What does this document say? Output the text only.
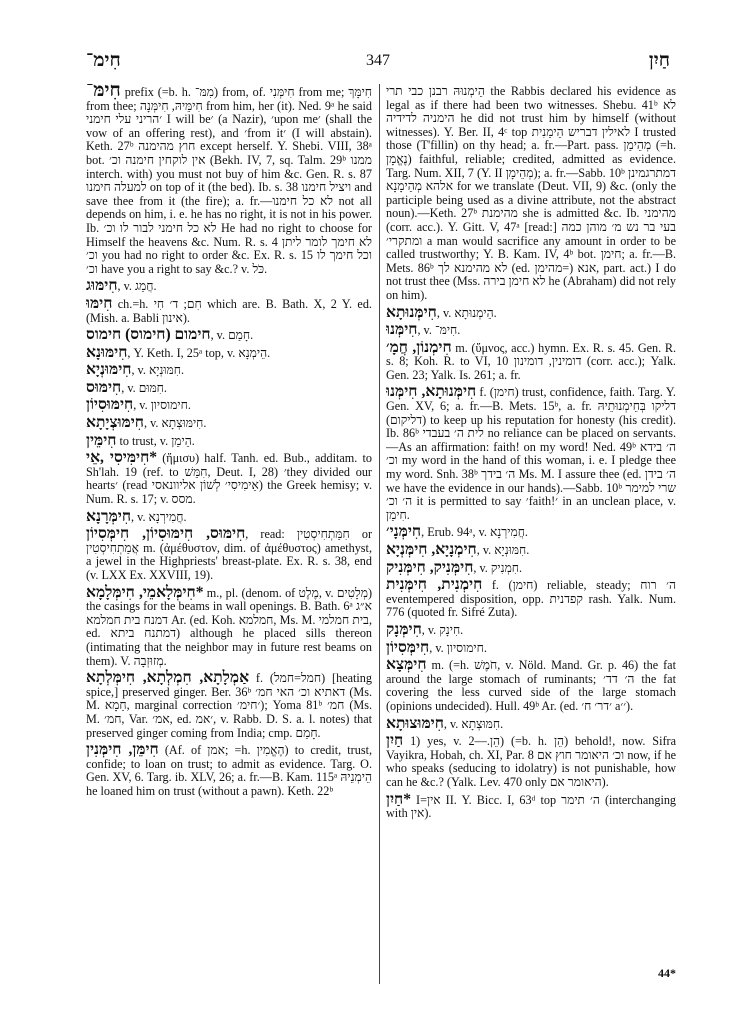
חִימ־	347	חַיִן

חִימּ־ prefix (=b. h. מִמּ־) from, of. חִימְּנִי from me; חִימָּךְ from thee; חִימֵּיהּ, חִימְּנָה from him, her (it). Ned. 9ᵃ he said ׳הריני עלי חימני I will be׳ (a Nazir), ׳upon me׳ (shall the vow of an offering rest), and ׳from it׳ (I will abstain). Keth. 27ᵇ חוץ מהימנה except herself. Y. Shebi. VIII, 38ᵃ bot. אין לוקחין חימנה וכ׳ (Bekh. IV, 7, sq. Talm. 29ᵇ ממנו interch. with) you must not buy of him &c. Gen. R. s. 87 למעלה חימנו on top of it (the bed). Ib. s. 38 ויציל חימנו and save thee from it (the fire); a. fr.—לא כל חימנו not all depends on him, i. e. he has no right, it is not in his power. Ib. לא כל חימני לבור לו וכ׳ He had no right to choose for Himself the heavens &c. Num. R. s. 4 לא חימך לומר ליתן וכ׳ you had no right to order &c. Ex. R. s. 15 וכל חימך לו וכ׳ have you a right to say &c.? v. כֹּל.

חִימּוּג, v. חֲמַג.

חִימּוּ ch.=h. חִם; ד׳ חִי which are. B. Bath. X, 2 Y. ed. (Mish. a. Babli אינון).

חימום (חימוס) חימוס, v. חָמַם.

חִימּוּנָא, Y. Keth. I, 25ᵃ top, v. הֵימְנָא.

חִימּוּנְיָא, v. חִמּוּנְיָא.

חִימּוּס, v. חִמּוּם.

חִימּוּסִיוֹן, v. חימוסיון.

חִימּוּצְיָתָא, v. חִימּוּצְתָא.

חִימֵּין to trust, v. הֵימֵן.

*חִימִּיסִי ,אֵי (ἥμισυ) half. Tanh. ed. Bub., additam. to Sh'lah. 19 (ref. to חִמֵּשׁ, Deut. I, 28) ׳they divided our hearts׳ (read אֵימִיסִי׳ לְשׁוֹן אליוונאסי) the Greek hemisy; v. Num. R. s. 17; v. מסס.

חִימְּרָנָא, v. חֲמִירְנָא.

חִימּוּס, חִימּוּסִיוֹן, חִימְּסִיוֹן, read: חִמַּתְחִיסְטִין or אֲמַתְחִיסְטִין m. (ἀμέθυστον, dim. of ἀμέθυστος) amethyst, a jewel in the Highpriests' breast-plate. Ex. R. s. 38, end (v. LXX Ex. XXVIII, 19).

*חִימְּלָאמֵי, חִימְּלָמָא m., pl. (denom. of מֶלֶט, v. מְלָטִים) the casings for the beams in wall openings. B. Bath. 6ᵃ א״ג דמנח בית חמלמא Ar. (ed. Koh. חמלמא, Ms. M. בית חמלמי, ed. דמתנח ביתא) although he placed sills thereon (intimating that the neighbor may in future rest beams on them). V. מְזוּזְבָה.

אַמְלָתָא, חִמְלְתָא, חִימְּלְתָא f. (חמל=חמל) [heating spice,] preserved ginger. Ber. 36ᵇ דאתיא וכ׳ האי חמ׳ (Ms. M. חַמָא, marginal correction ׳חימ׳); Yoma 81ᵇ חמ׳ (Ms. M. חמ׳, Var. אמ׳, ed. ׳אמ, v. Rabb. D. S. a. l. notes) that preserved ginger coming from India; cmp. חָמַם.

חִימֵּן, חִימְּנִין (Af. of אמן; =h. הֶאֱמִין) to credit, trust, confide; to loan on trust; to admit as evidence. Targ. O. Gen. XV, 6. Targ. ib. XLV, 26; a. fr.—B. Kam. 115ᵃ הֵימְנֵיהּ he loaned him on trust (without a pawn). Keth. 22ᵇ

הֵימְנוּהּ רבנן כבי תרי the Rabbis declared his evidence as legal as if there had been two witnesses. Shebu. 41ᵇ לא הימניה לדידיה he did not trust him by himself (without witnesses). Y. Ber. II, 4ᶜ top לאילין דבריש הֵימַנִית I trusted those (T'fillin) on thy head; a. fr.—Part. pass. מְהֵימַן (=h. נֶאֱמָן) faithful, reliable; credited, admitted as evidence. Targ. Num. XII, 7 (Y. II מְהֵימָן); a. fr.—Sabb. 10ᵇ דמתרגמינן אלהא מְהֵימָנָא for we translate (Deut. VII, 9) &c. (only the participle being used as a divine attribute, not the abstract noun).—Keth. 27ᵇ מהימנת she is admitted &c. Ib. מהימני (corr. acc.). Y. Gitt. V, 47ᵃ [read:] בעי בר נש מ׳ מוהן כמה ומתקרי׳ a man would sacrifice any amount in order to be called trustworthy; Y. B. Kam. IV, 4ᵇ bot. חימן; a. fr.—B. Mets. 86ᵇ לא מהימנא לך (ed. מהימן=) אנא, part. act.) I do not trust thee (Mss. לא חימן בירה he (Abraham) did not rely on him).

חִימְּנוּתָא, v. הֵימְנוּתָא.

חִימְּנוּ, v. חִימּ־.

חִימְנוֹן, חֲמָ׳ m. (ὕμνος, acc.) hymn. Ex. R. s. 45. Gen. R. s. 8; Koh. R. to VI, 10 דומינין, דומינון (corr. acc.); Yalk. Gen. 23; Yalk. Is. 261; a. fr.

חִימְּנוּתָא, חִימְּנוּ f. (חימן) trust, confidence, faith. Targ. Y. Gen. XV, 6; a. fr.—B. Mets. 15ᵇ, a. fr. דליקו בְּחֵימְנוּתֵיהּ (דליקום) to keep up his reputation for honesty (his credit). Ib. 86ᵇ לית ה׳ בעבדי no reliance can be placed on servants.—As an affirmation: faith! on my word! Ned. 49ᵇ ה׳ בידא וכ׳ my word in the hand of this woman, i. e. I pledge thee my word. Snh. 38ᵇ ה׳ בידך Ms. M. I assure thee (ed. ה׳ בידן we have the evidence in our hands).—Sabb. 10ᵇ שרי למימר ה׳ וכ׳ it is permitted to say ׳faith!׳ in an unclean place, v. חִימַן.

חִימְּנָי׳, Erub. 94ᵃ, v. חֲמִירְנָא.

חִימְנָיָא, חִימְּנְיָא, v. חִמּוּנְיָא.

חִימְּנִיק, חִימְּנִיק, v. חִמְנִיק.

חִימְנִית, חִימְּנִית f. (חימן) reliable, steady; ה׳ רוח eventempered disposition, opp. קפדנית rash. Yalk. Num. 776 (quoted fr. Sifré Zuta).

חִימְּנָק, v. חִינָק.

חִימְּסִיוֹן, v. חימוסיון.

חִימְּצָא m. (=h. חֹמֶשׁ, v. Nöld. Mand. Gr. p. 46) the fat around the large stomach of ruminants; ה׳ דד׳ the fat covering the less curved side of the large stomach (opinions undecided). Hull. 49ᵇ Ar. (ed. ׳דר׳ ח׳ a׳׳).

חִימּוּצוּתָא, v. חִמּוּצְתָא.

חַיִן 1) yes, v. הֵן.—2) (=b. h. הֵן) behold!, now. Sifra Vayikra, Hobah, ch. XI, Par. 8 וכ׳ היאומר חוץ אם now, if he who speaks (seducing to idolatry) is not punishable, how can he &c.? (Yalk. Lev. 470 only היאומר אם).

*חַיִן I=אין II. Y. Bicc. I, 63ᵈ top ה׳ תימר (interchanging with אין).

44*
